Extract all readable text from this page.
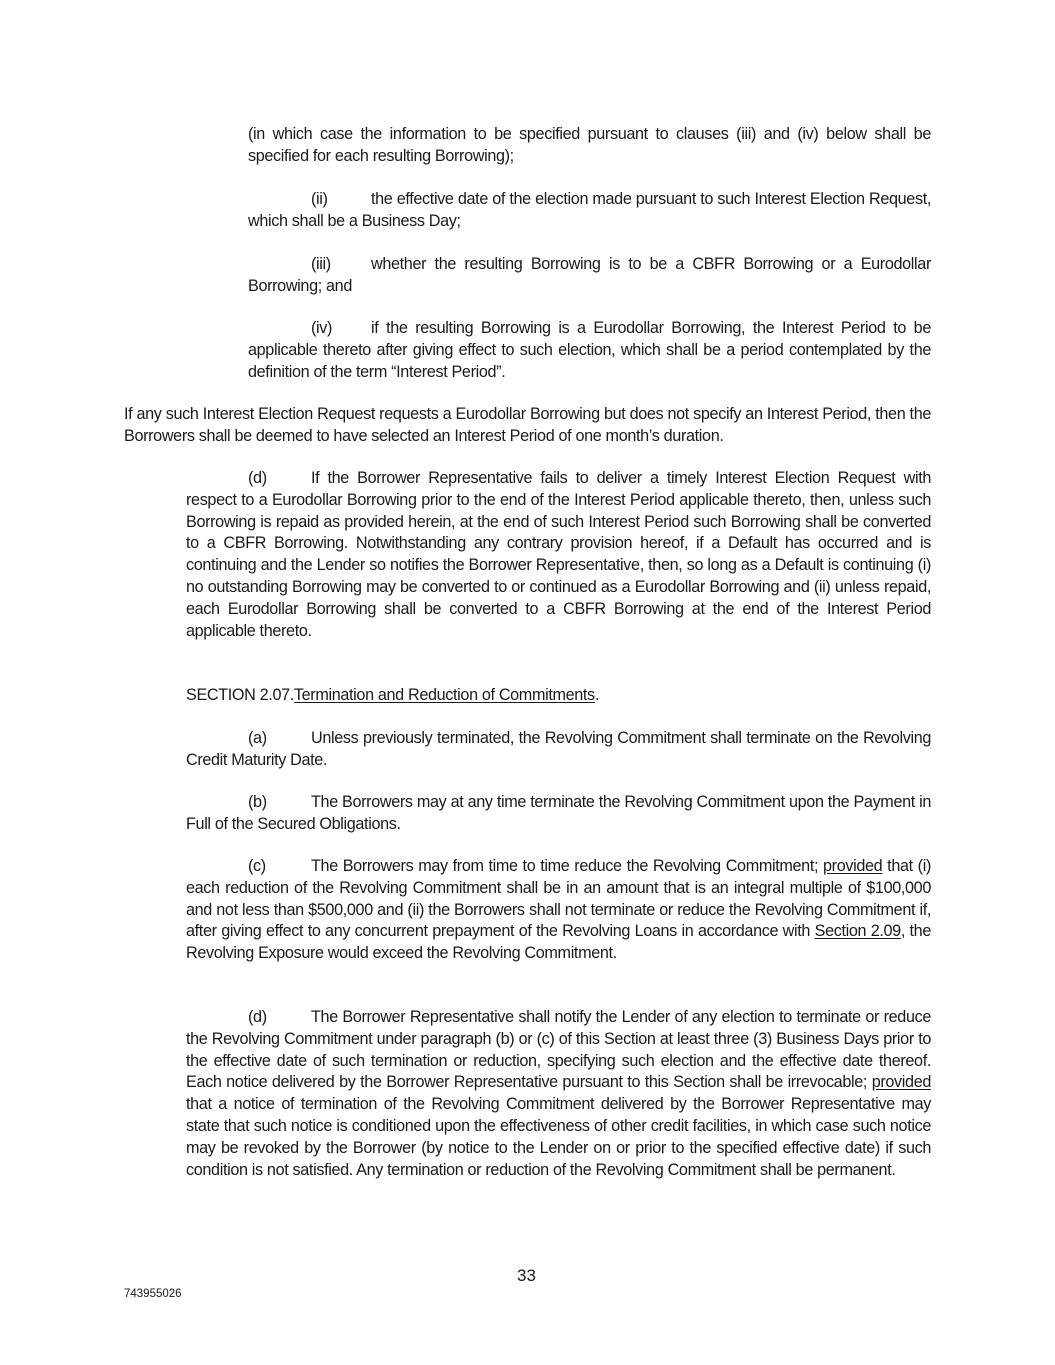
(in which case the information to be specified pursuant to clauses (iii) and (iv) below shall be specified for each resulting Borrowing);
(ii)	the effective date of the election made pursuant to such Interest Election Request, which shall be a Business Day;
(iii) whether the resulting Borrowing is to be a CBFR Borrowing or a Eurodollar Borrowing; and
(iv) if the resulting Borrowing is a Eurodollar Borrowing, the Interest Period to be applicable thereto after giving effect to such election, which shall be a period contemplated by the definition of the term “Interest Period”.
If any such Interest Election Request requests a Eurodollar Borrowing but does not specify an Interest Period, then the Borrowers shall be deemed to have selected an Interest Period of one month’s duration.
(d)	If the Borrower Representative fails to deliver a timely Interest Election Request with respect to a Eurodollar Borrowing prior to the end of the Interest Period applicable thereto, then, unless such Borrowing is repaid as provided herein, at the end of such Interest Period such Borrowing shall be converted to a CBFR Borrowing. Notwithstanding any contrary provision hereof, if a Default has occurred and is continuing and the Lender so notifies the Borrower Representative, then, so long as a Default is continuing (i) no outstanding Borrowing may be converted to or continued as a Eurodollar Borrowing and (ii) unless repaid, each Eurodollar Borrowing shall be converted to a CBFR Borrowing at the end of the Interest Period applicable thereto.
SECTION 2.07.Termination and Reduction of Commitments.
(a)	Unless previously terminated, the Revolving Commitment shall terminate on the Revolving Credit Maturity Date.
(b)	The Borrowers may at any time terminate the Revolving Commitment upon the Payment in Full of the Secured Obligations.
(c)	The Borrowers may from time to time reduce the Revolving Commitment; provided that (i) each reduction of the Revolving Commitment shall be in an amount that is an integral multiple of $100,000 and not less than $500,000 and (ii) the Borrowers shall not terminate or reduce the Revolving Commitment if, after giving effect to any concurrent prepayment of the Revolving Loans in accordance with Section 2.09, the Revolving Exposure would exceed the Revolving Commitment.
(d)	The Borrower Representative shall notify the Lender of any election to terminate or reduce the Revolving Commitment under paragraph (b) or (c) of this Section at least three (3) Business Days prior to the effective date of such termination or reduction, specifying such election and the effective date thereof. Each notice delivered by the Borrower Representative pursuant to this Section shall be irrevocable; provided that a notice of termination of the Revolving Commitment delivered by the Borrower Representative may state that such notice is conditioned upon the effectiveness of other credit facilities, in which case such notice may be revoked by the Borrower (by notice to the Lender on or prior to the specified effective date) if such condition is not satisfied. Any termination or reduction of the Revolving Commitment shall be permanent.
33
743955026
